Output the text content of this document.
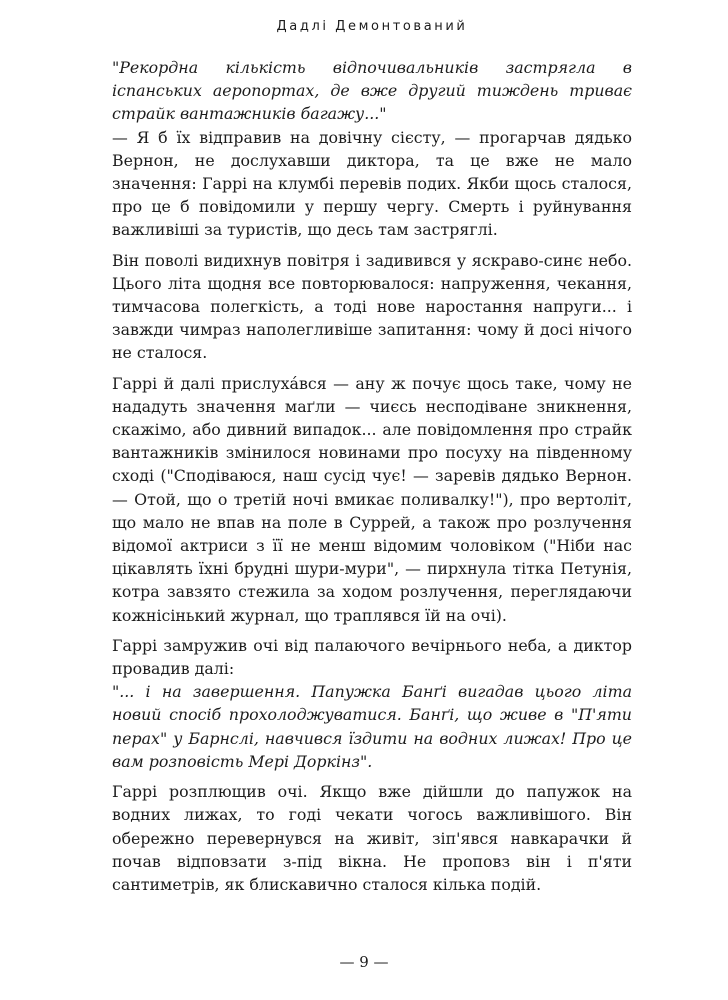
Дадлі Демонтований

"Рекордна кількість відпочивальників застрягла в іспанських аеропортах, де вже другий тиждень триває страйк вантажників багажу..."

— Я б їх відправив на довічну сієсту, — прогарчав дядько Вернон, не дослухавши диктора, та це вже не мало значення: Гаррі на клумбі перевів подих. Якби щось сталося, про це б повідомили у першу чергу. Смерть і руйнування важливіші за туристів, що десь там застряглі.

Він поволі видихнув повітря і задивився у яскраво-синє небо. Цього літа щодня все повторювалося: напруження, чекання, тимчасова полегкість, а тоді нове наростання напруги... і завжди чимраз наполегливіше запитання: чому й досі нічого не сталося.

Гаррі й далі прислуха́вся — ану ж почує щось таке, чому не нададуть значення маґли — чиєсь несподіване зникнення, скажімо, або дивний випадок... але повідомлення про страйк вантажників змінилося новинами про посуху на південному сході ("Сподіваюся, наш сусід чує! — заревів дядько Вернон. — Отой, що о третій ночі вмикає поливалку!"), про вертоліт, що мало не впав на поле в Суррей, а також про розлучення відомої актриси з її не менш відомим чоловіком ("Ніби нас цікавлять їхні брудні шури-мури", — пирхнула тітка Петунія, котра завзято стежила за ходом розлучення, переглядаючи кожнісінький журнал, що траплявся їй на очі).

Гаррі замружив очі від палаючого вечірнього неба, а диктор провадив далі:

"... і на завершення. Папужка Банґі вигадав цього літа новий спосіб прохолоджуватися. Банґі, що живе в "П'яти перах" у Барнслі, навчився їздити на водних лижах! Про це вам розповість Мері Доркінз".

Гаррі розплющив очі. Якщо вже дійшли до папужок на водних лижах, то годі чекати чогось важливішого. Він обережно перевернувся на живіт, зіп'явся навкарачки й почав відповзати з-під вікна. Не проповз він і п'яти сантиметрів, як блискавично сталося кілька подій.

— 9 —
